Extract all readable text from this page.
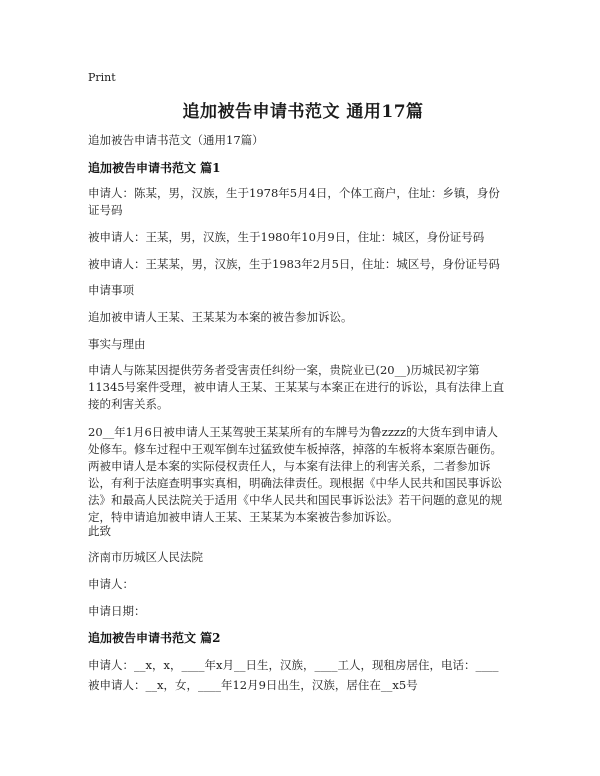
Print
追加被告申请书范文 通用17篇
追加被告申请书范文（通用17篇）
追加被告申请书范文 篇1
申请人：陈某，男，汉族，生于1978年5月4日，个体工商户，住址：乡镇，身份证号码
被申请人：王某，男，汉族，生于1980年10月9日，住址：城区，身份证号码
被申请人：王某某，男，汉族，生于1983年2月5日，住址：城区号，身份证号码
申请事项
追加被申请人王某、王某某为本案的被告参加诉讼。
事实与理由
申请人与陈某因提供劳务者受害责任纠纷一案，贵院业已(20__)历城民初字第11345号案件受理，被申请人王某、王某某与本案正在进行的诉讼，具有法律上直接的利害关系。
20__年1月6日被申请人王某驾驶王某某所有的车牌号为鲁zzzz的大货车到申请人处修车。修车过程中王观军倒车过猛致使车板掉落，掉落的车板将本案原告砸伤。两被申请人是本案的实际侵权责任人，与本案有法律上的利害关系，二者参加诉讼，有利于法庭查明事实真相，明确法律责任。现根据《中华人民共和国民事诉讼法》和最高人民法院关于适用《中华人民共和国民事诉讼法》若干问题的意见的规定，特申请追加被申请人王某、王某某为本案被告参加诉讼。
此致
济南市历城区人民法院
申请人：
申请日期：
追加被告申请书范文 篇2
申请人：__x，x，____年x月__日生，汉族，____工人，现租房居住，电话：____
被申请人：__x，女，____年12月9日出生，汉族，居住在__x5号
